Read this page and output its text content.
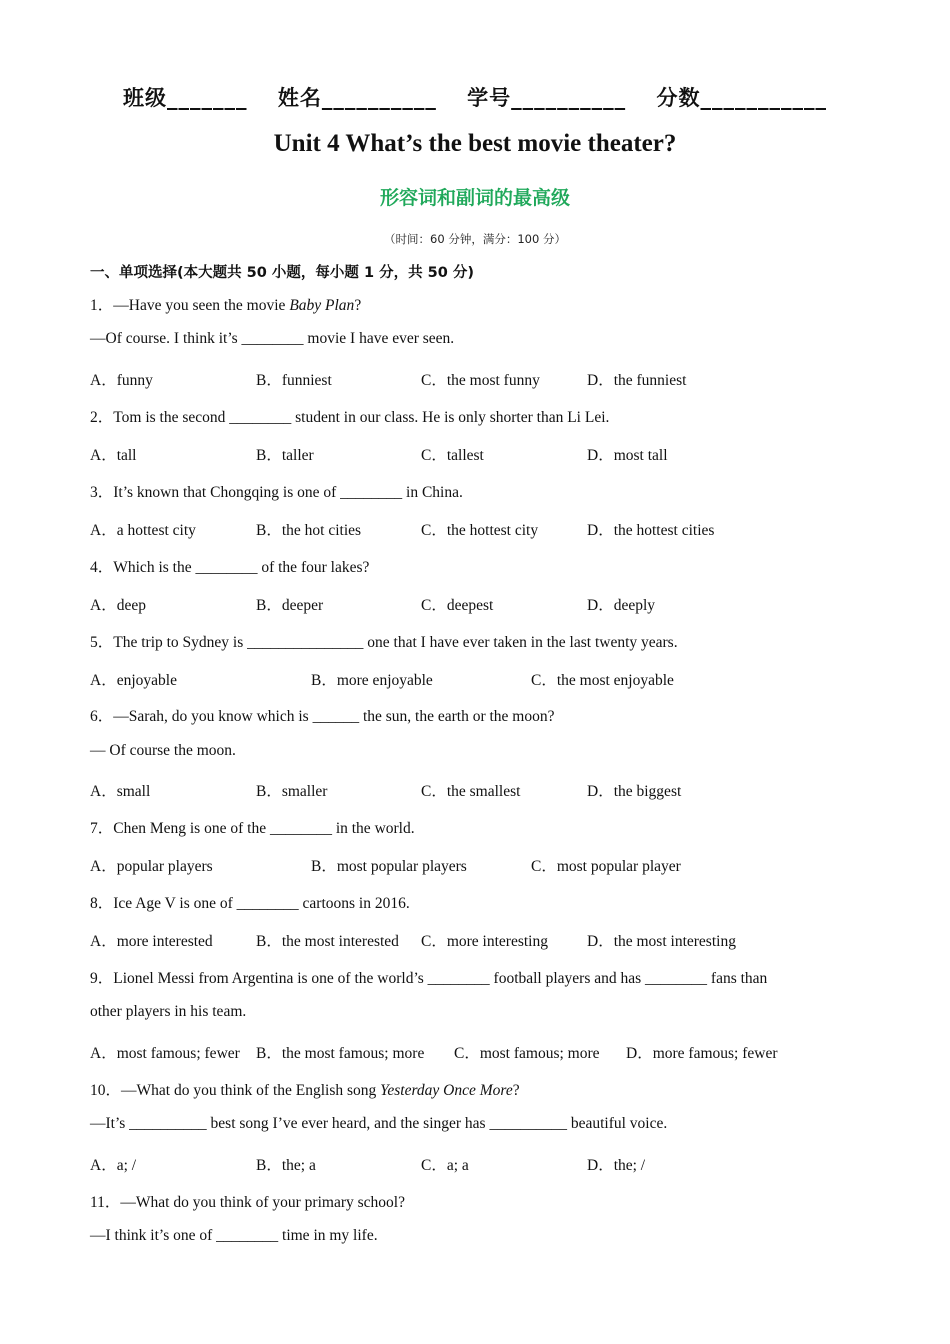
班级_______ 姓名__________ 学号__________ 分数___________
Unit 4 What’s the best movie theater?
形容词和副词的最高级
（时间：60 分钟，满分：100 分）
一、单项选择(本大题共 50 小题，每小题 1 分，共 50 分)
1．—Have you seen the movie Baby Plan?
—Of course. I think it’s ________ movie I have ever seen.
A．funny	B．funniest	C．the most funny	D．the funniest
2．Tom is the second ________ student in our class. He is only shorter than Li Lei.
A．tall	B．taller	C．tallest	D．most tall
3．It’s known that Chongqing is one of ________ in China.
A．a hottest city	B．the hot cities	C．the hottest city	D．the hottest cities
4．Which is the ________ of the four lakes?
A．deep	B．deeper	C．deepest	D．deeply
5．The trip to Sydney is _______________ one that I have ever taken in the last twenty years.
A．enjoyable	B．more enjoyable	C．the most enjoyable
6．—Sarah, do you know which is ______ the sun, the earth or the moon?
— Of course the moon.
A．small	B．smaller	C．the smallest	D．the biggest
7．Chen Meng is one of the ________ in the world.
A．popular players	B．most popular players	C．most popular player
8．Ice Age V is one of ________ cartoons in 2016.
A．more interested	B．the most interested C．more interesting	D．the most interesting
9．Lionel Messi from Argentina is one of the world’s ________ football players and has ________ fans than
other players in his team.
A．most famous; fewer B．the most famous; more C．most famous; more D．more famous; fewer
10．—What do you think of the English song Yesterday Once More?
—It’s __________ best song I’ve ever heard, and the singer has __________ beautiful voice.
A．a; /	B．the; a	C．a; a	D．the; /
11．—What do you think of your primary school?
—I think it’s one of ________ time in my life.
